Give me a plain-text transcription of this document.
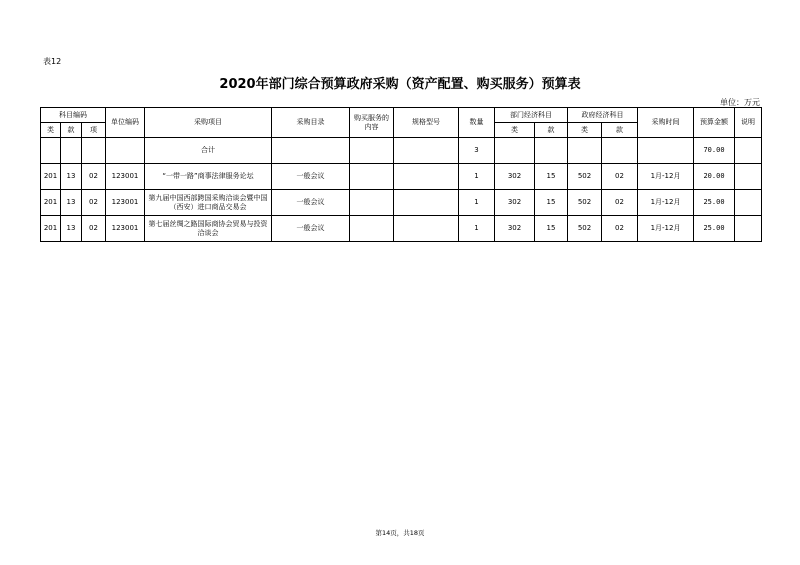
表12
2020年部门综合预算政府采购（资产配置、购买服务）预算表
单位：万元
科目编码			单位编码	采购项目	采购目录	购买服务的内容	规格型号	数量	部门经济科目		政府经济科目		采购时间	预算金额	说明
类	款	项							类	款	类	款			
				合计				3						70.00	
201	13	02	123001	“一带一路”商事法律服务论坛	一般会议			1	302	15	502	02	1月-12月	20.00	
201	13	02	123001	第九届中国西部跨国采购洽谈会暨中国（西安）进口商品交易会	一般会议			1	302	15	502	02	1月-12月	25.00	
201	13	02	123001	第七届丝绸之路国际商协会贸易与投资洽谈会	一般会议			1	302	15	502	02	1月-12月	25.00	
第14页，共18页
